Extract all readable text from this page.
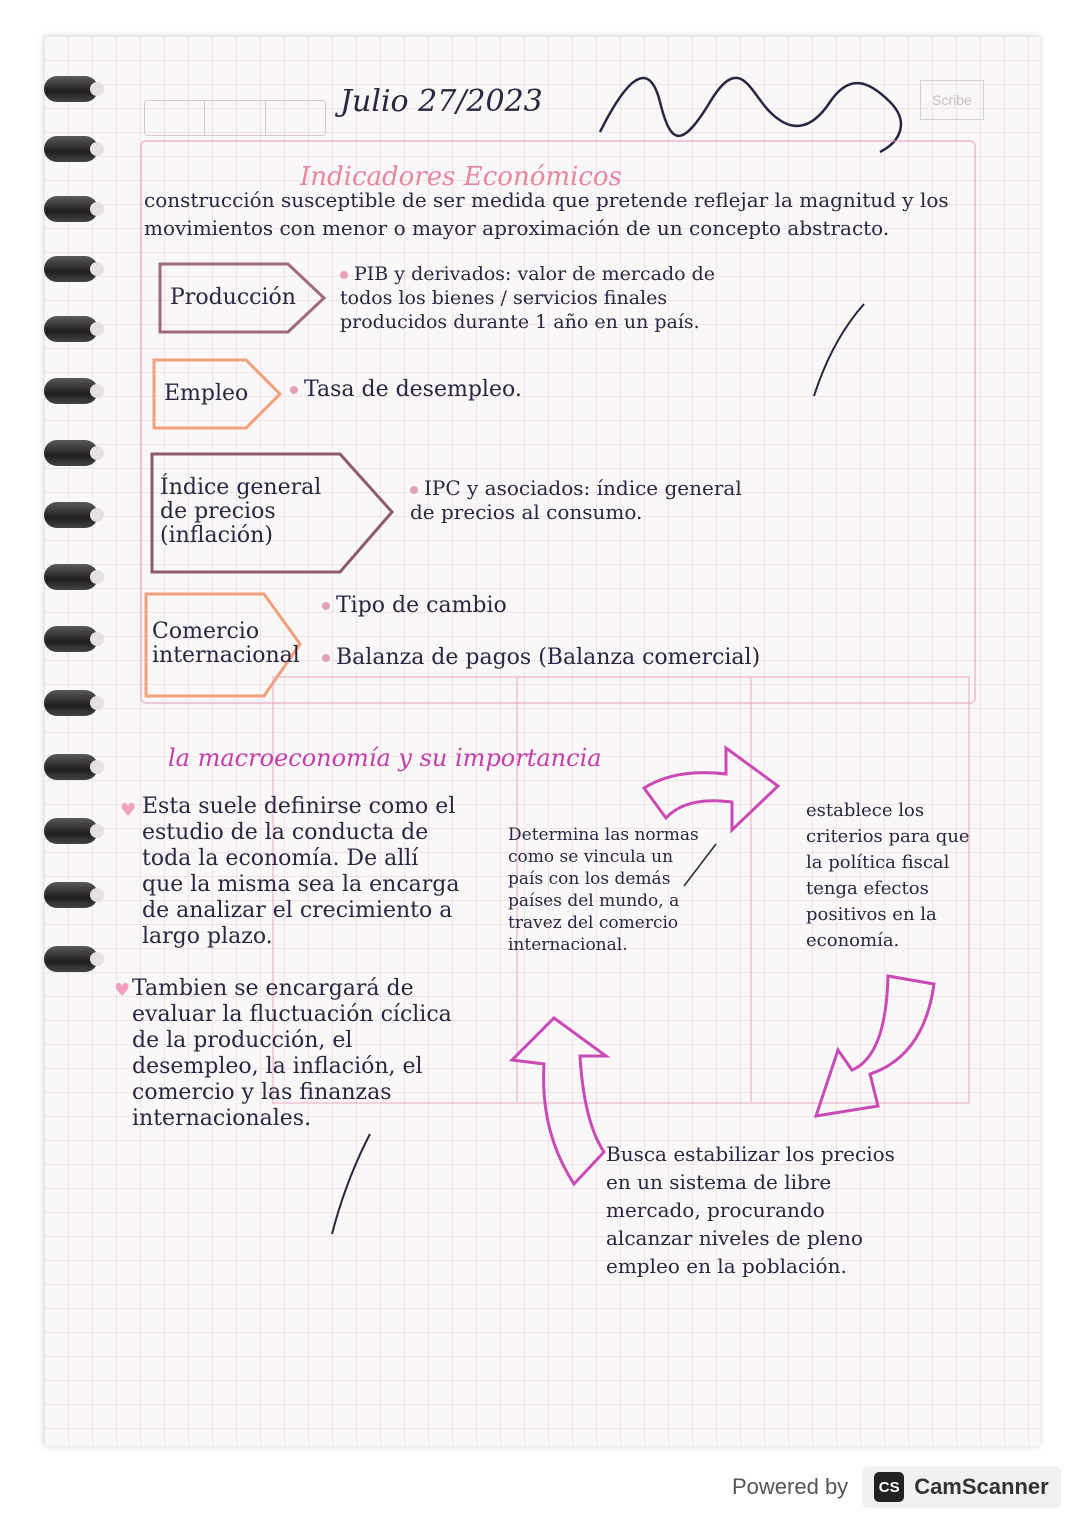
Julio 27/2023	Scribe
Indicadores Económicos
construcción susceptible de ser medida que pretende reflejar la magnitud y los movimientos con menor o mayor aproximación de un concepto abstracto.
Producción
PIB y derivados: valor de mercado de todos los bienes / servicios finales producidos durante 1 año en un país.
Empleo	Tasa de desempleo.
Índice general de precios (inflación)
IPC y asociados: índice general de precios al consumo.
Comercio internacional
Tipo de cambio
Balanza de pagos (Balanza comercial)
la macroeconomía y su importancia
♥ Esta suele definirse como el estudio de la conducta de toda la economía. De allí que la misma sea la encarga de analizar el crecimiento a largo plazo.
♥ Tambien se encargará de evaluar la fluctuación cíclica de la producción, el desempleo, la inflación, el comercio y las finanzas internacionales.
Determina las normas como se vincula un país con los demás países del mundo, a travez del comercio internacional.
establece los criterios para que la política fiscal tenga efectos positivos en la economía.
Busca estabilizar los precios en un sistema de libre mercado, procurando alcanzar niveles de pleno empleo en la población.
Powered by	CS CamScanner
